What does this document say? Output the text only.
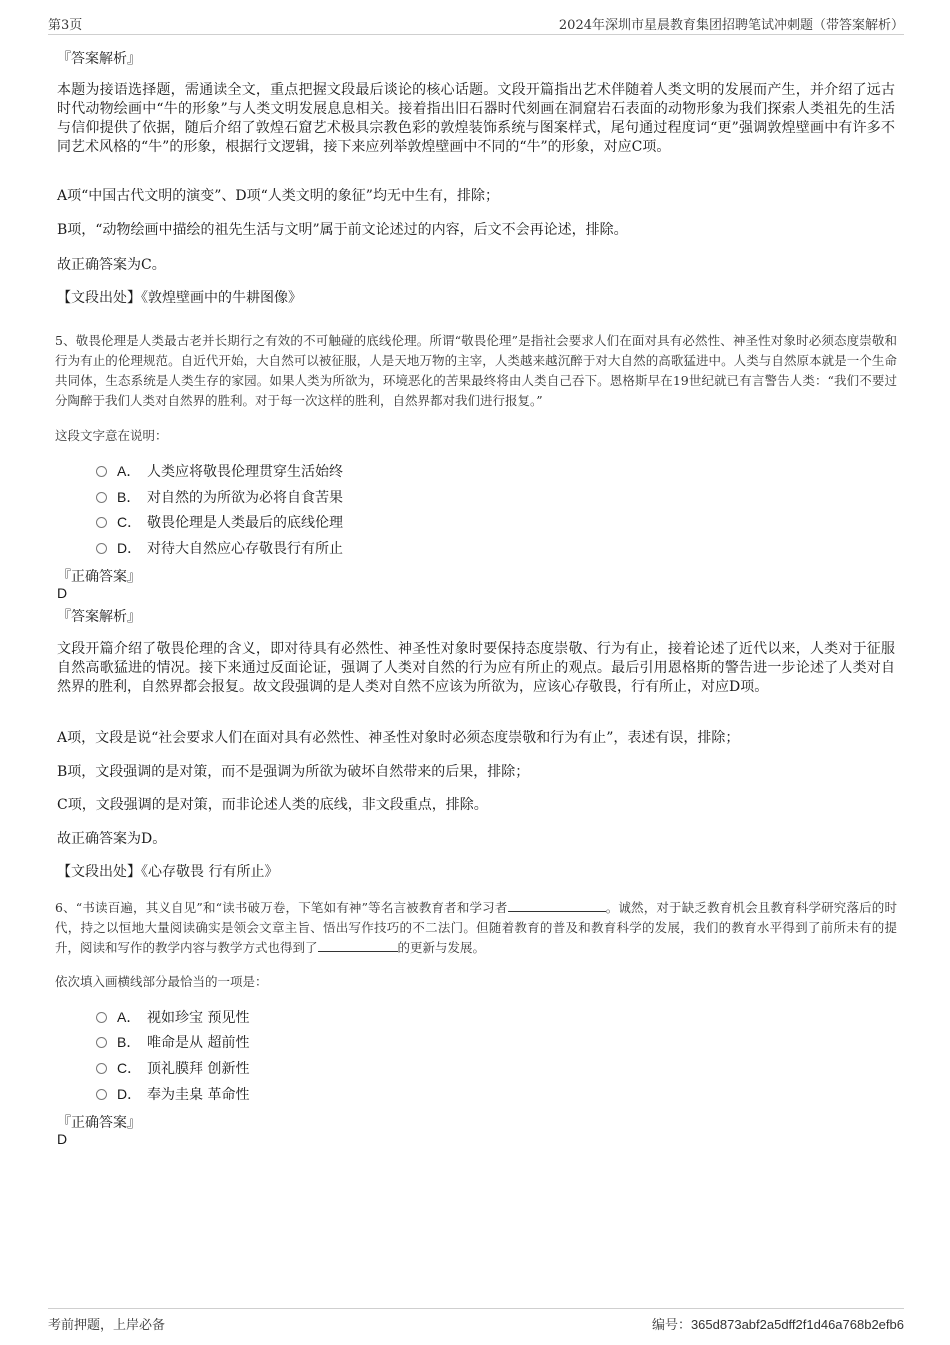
第3页	2024年深圳市星晨教育集团招聘笔试冲刺题（带答案解析）
『答案解析』

本题为接语选择题，需通读全文，重点把握文段最后谈论的核心话题。文段开篇指出艺术伴随着人类文明的发展而产生，并介绍了远古时代动物绘画中“牛的形象”与人类文明发展息息相关。接着指出旧石器时代刻画在洞窟岩石表面的动物形象为我们探索人类祖先的生活与信仰提供了依据，随后介绍了敦煌石窟艺术极具宗教色彩的敦煌装饰系统与图案样式，尾句通过程度词“更”强调敦煌壁画中有许多不同艺术风格的“牛”的形象，根据行文逻辑，接下来应列举敦煌壁画中不同的“牛”的形象，对应C项。

A项“中国古代文明的演变”、D项“人类文明的象征”均无中生有，排除；

B项，“动物绘画中描绘的祖先生活与文明”属于前文论述过的内容，后文不会再论述，排除。

故正确答案为C。

【文段出处】《敦煌壁画中的牛耕图像》

5、敬畏伦理是人类最古老并长期行之有效的不可触碰的底线伦理。所谓“敬畏伦理”是指社会要求人们在面对具有必然性、神圣性对象时必须态度崇敬和行为有止的伦理规范。自近代开始，大自然可以被征服，人是天地万物的主宰，人类越来越沉醉于对大自然的高歌猛进中。人类与自然原本就是一个生命共同体，生态系统是人类生存的家园。如果人类为所欲为，环境恶化的苦果最终将由人类自己吞下。恩格斯早在19世纪就已有言警告人类：“我们不要过分陶醉于我们人类对自然界的胜利。对于每一次这样的胜利，自然界都对我们进行报复。”

这段文字意在说明：

A． 人类应将敬畏伦理贯穿生活始终
B． 对自然的为所欲为必将自食苦果
C． 敬畏伦理是人类最后的底线伦理
D． 对待大自然应心存敬畏行有所止
『正确答案』
D
『答案解析』

文段开篇介绍了敬畏伦理的含义，即对待具有必然性、神圣性对象时要保持态度崇敬、行为有止，接着论述了近代以来，人类对于征服自然高歌猛进的情况。接下来通过反面论证，强调了人类对自然的行为应有所止的观点。最后引用恩格斯的警告进一步论述了人类对自然界的胜利，自然界都会报复。故文段强调的是人类对自然不应该为所欲为，应该心存敬畏，行有所止，对应D项。

A项，文段是说“社会要求人们在面对具有必然性、神圣性对象时必须态度崇敬和行为有止”，表述有误，排除；

B项，文段强调的是对策，而不是强调为所欲为破坏自然带来的后果，排除；

C项，文段强调的是对策，而非论述人类的底线，非文段重点，排除。

故正确答案为D。

【文段出处】《心存敬畏 行有所止》

6、“书读百遍，其义自见”和“读书破万卷，下笔如有神”等名言被教育者和学习者	。诚然，对于缺乏教育机会且教育科学研究落后的时代，持之以恒地大量阅读确实是领会文章主旨、悟出写作技巧的不二法门。但随着教育的普及和教育科学的发展，我们的教育水平得到了前所未有的提升，阅读和写作的教学内容与教学方式也得到了	的更新与发展。

依次填入画横线部分最恰当的一项是：

A． 视如珍宝 预见性
B． 唯命是从 超前性
C． 顶礼膜拜 创新性
D． 奉为圭臬 革命性
『正确答案』
D
考前押题，上岸必备	编号：365d873abf2a5dff2f1d46a768b2efb6
